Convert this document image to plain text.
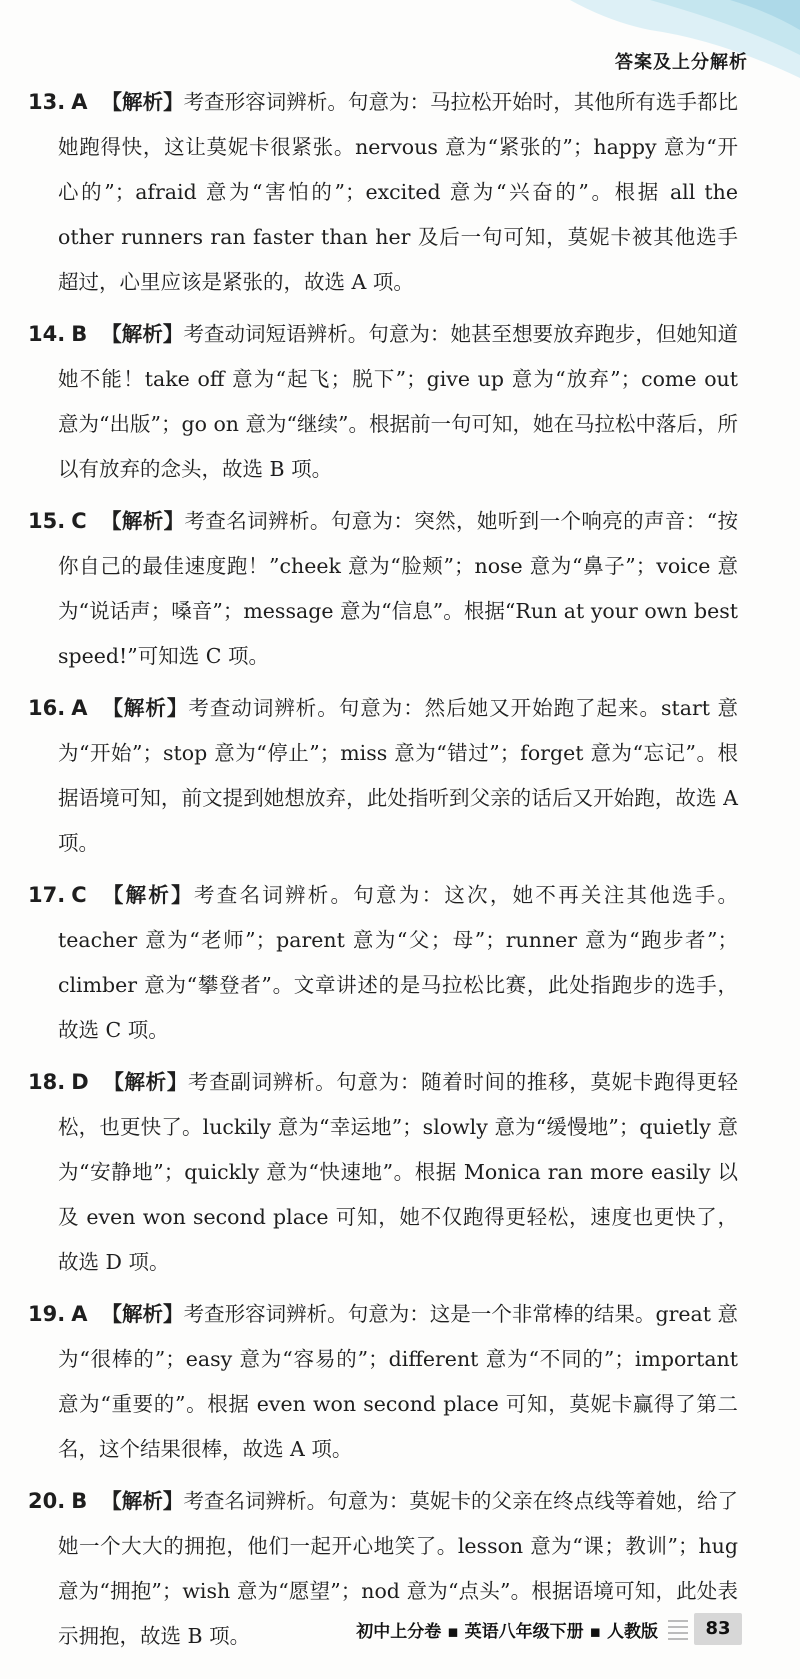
答案及上分解析
13. A 【解析】考查形容词辨析。句意为：马拉松开始时，其他所有选手都比她跑得快，这让莫妮卡很紧张。nervous 意为“紧张的”；happy 意为“开心的”；afraid 意为“害怕的”；excited 意为“兴奋的”。根据 all the other runners ran faster than her 及后一句可知，莫妮卡被其他选手超过，心里应该是紧张的，故选 A 项。
14. B 【解析】考查动词短语辨析。句意为：她甚至想要放弃跑步，但她知道她不能！take off 意为“起飞；脱下”；give up 意为“放弃”；come out 意为“出版”；go on 意为“继续”。根据前一句可知，她在马拉松中落后，所以有放弃的念头，故选 B 项。
15. C 【解析】考查名词辨析。句意为：突然，她听到一个响亮的声音：“按你自己的最佳速度跑！”cheek 意为“脸颊”；nose 意为“鼻子”；voice 意为“说话声；嗓音”；message 意为“信息”。根据“Run at your own best speed!”可知选 C 项。
16. A 【解析】考查动词辨析。句意为：然后她又开始跑了起来。start 意为“开始”；stop 意为“停止”；miss 意为“错过”；forget 意为“忘记”。根据语境可知，前文提到她想放弃，此处指听到父亲的话后又开始跑，故选 A 项。
17. C 【解析】考查名词辨析。句意为：这次，她不再关注其他选手。teacher 意为“老师”；parent 意为“父；母”；runner 意为“跑步者”；climber 意为“攀登者”。文章讲述的是马拉松比赛，此处指跑步的选手，故选 C 项。
18. D 【解析】考查副词辨析。句意为：随着时间的推移，莫妮卡跑得更轻松，也更快了。luckily 意为“幸运地”；slowly 意为“缓慢地”；quietly 意为“安静地”；quickly 意为“快速地”。根据 Monica ran more easily 以及 even won second place 可知，她不仅跑得更轻松，速度也更快了，故选 D 项。
19. A 【解析】考查形容词辨析。句意为：这是一个非常棒的结果。great 意为“很棒的”；easy 意为“容易的”；different 意为“不同的”；important 意为“重要的”。根据 even won second place 可知，莫妮卡赢得了第二名，这个结果很棒，故选 A 项。
20. B 【解析】考查名词辨析。句意为：莫妮卡的父亲在终点线等着她，给了她一个大大的拥抱，他们一起开心地笑了。lesson 意为“课；教训”；hug 意为“拥抱”；wish 意为“愿望”；nod 意为“点头”。根据语境可知，此处表示拥抱，故选 B 项。	初中上分卷 ▪ 英语八年级下册 ▪ 人教版	83
